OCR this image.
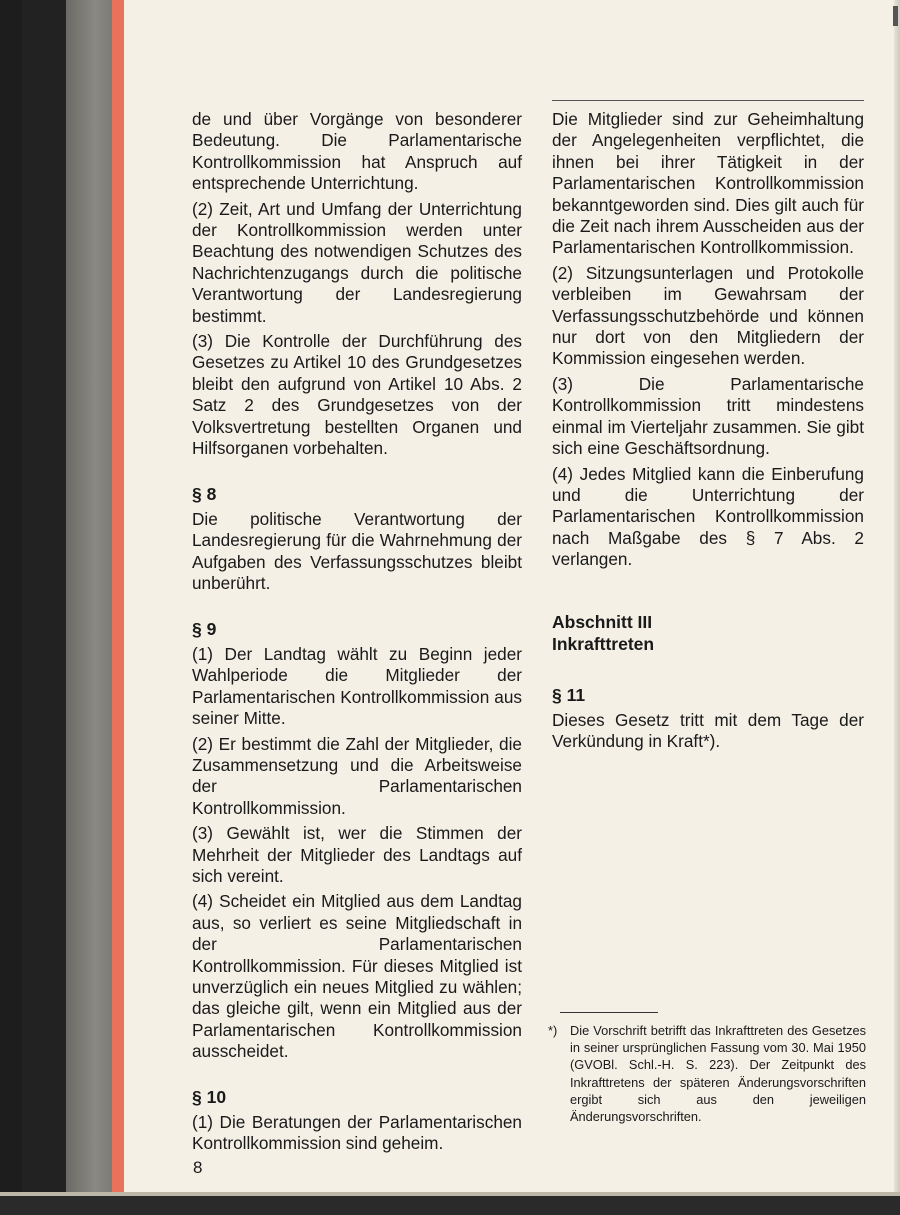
de und über Vorgänge von besonderer Bedeutung. Die Parlamentarische Kontrollkommission hat Anspruch auf entsprechende Unterrichtung.

(2) Zeit, Art und Umfang der Unterrichtung der Kontrollkommission werden unter Beachtung des notwendigen Schutzes des Nachrichtenzugangs durch die politische Verantwortung der Landesregierung bestimmt.

(3) Die Kontrolle der Durchführung des Gesetzes zu Artikel 10 des Grundgesetzes bleibt den aufgrund von Artikel 10 Abs. 2 Satz 2 des Grundgesetzes von der Volksvertretung bestellten Organen und Hilfsorganen vorbehalten.

§ 8

Die politische Verantwortung der Landesregierung für die Wahrnehmung der Aufgaben des Verfassungsschutzes bleibt unberührt.

§ 9

(1) Der Landtag wählt zu Beginn jeder Wahlperiode die Mitglieder der Parlamentarischen Kontrollkommission aus seiner Mitte.

(2) Er bestimmt die Zahl der Mitglieder, die Zusammensetzung und die Arbeitsweise der Parlamentarischen Kontrollkommission.

(3) Gewählt ist, wer die Stimmen der Mehrheit der Mitglieder des Landtags auf sich vereint.

(4) Scheidet ein Mitglied aus dem Landtag aus, so verliert es seine Mitgliedschaft in der Parlamentarischen Kontrollkommission. Für dieses Mitglied ist unverzüglich ein neues Mitglied zu wählen; das gleiche gilt, wenn ein Mitglied aus der Parlamentarischen Kontrollkommission ausscheidet.

§ 10

(1) Die Beratungen der Parlamentarischen Kontrollkommission sind geheim.

Die Mitglieder sind zur Geheimhaltung der Angelegenheiten verpflichtet, die ihnen bei ihrer Tätigkeit in der Parlamentarischen Kontrollkommission bekanntgeworden sind. Dies gilt auch für die Zeit nach ihrem Ausscheiden aus der Parlamentarischen Kontrollkommission.

(2) Sitzungsunterlagen und Protokolle verbleiben im Gewahrsam der Verfassungsschutzbehörde und können nur dort von den Mitgliedern der Kommission eingesehen werden.

(3) Die Parlamentarische Kontrollkommission tritt mindestens einmal im Vierteljahr zusammen. Sie gibt sich eine Geschäftsordnung.

(4) Jedes Mitglied kann die Einberufung und die Unterrichtung der Parlamentarischen Kontrollkommission nach Maßgabe des § 7 Abs. 2 verlangen.

Abschnitt III
Inkrafttreten
§ 11

Dieses Gesetz tritt mit dem Tage der Verkündung in Kraft*).

*) Die Vorschrift betrifft das Inkrafttreten des Gesetzes in seiner ursprünglichen Fassung vom 30. Mai 1950 (GVOBl. Schl.-H. S. 223). Der Zeitpunkt des Inkrafttretens der späteren Änderungsvorschriften ergibt sich aus den jeweiligen Änderungsvorschriften.
8
